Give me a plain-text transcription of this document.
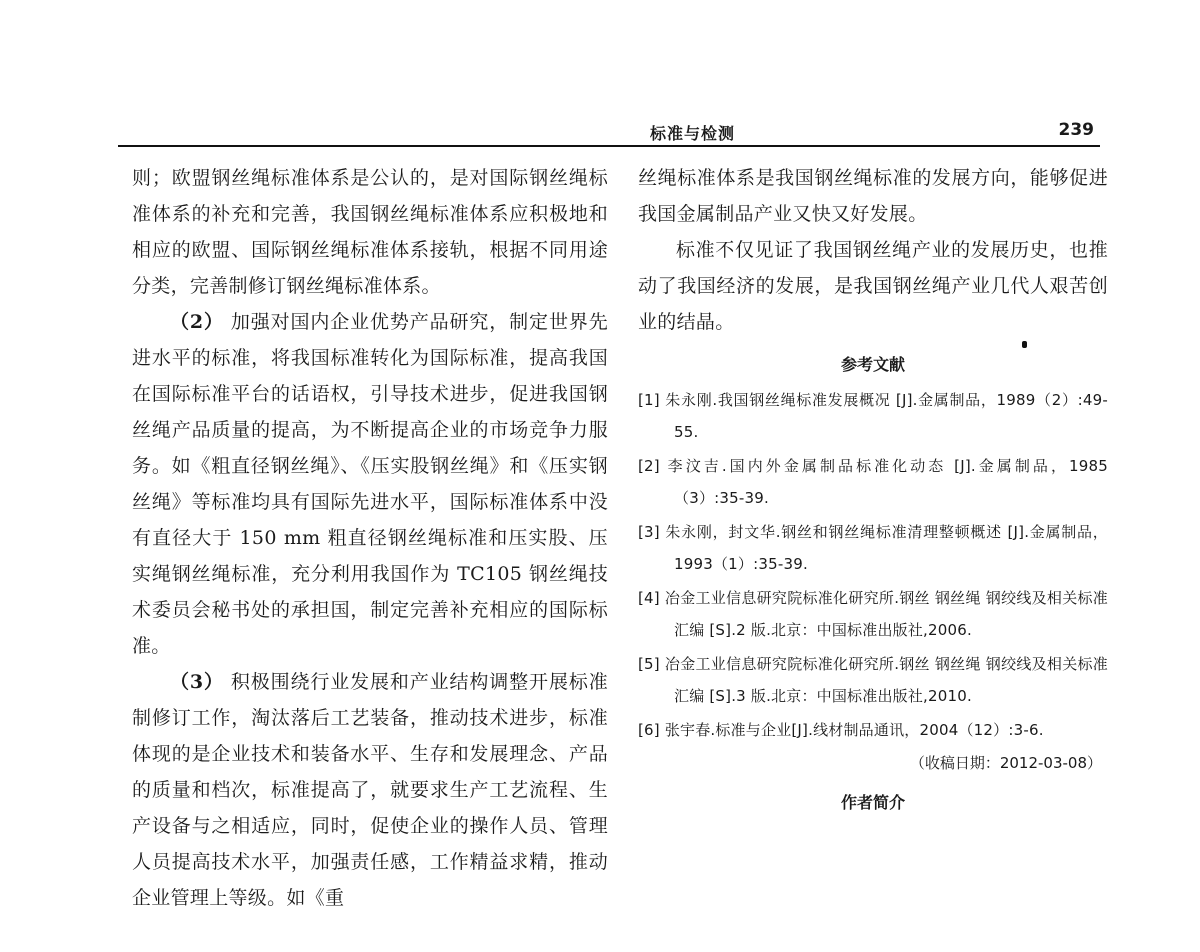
标准与检测	239

则；欧盟钢丝绳标准体系是公认的，是对国际钢丝绳标准体系的补充和完善，我国钢丝绳标准体系应积极地和相应的欧盟、国际钢丝绳标准体系接轨，根据不同用途分类，完善制修订钢丝绳标准体系。

（2） 加强对国内企业优势产品研究，制定世界先进水平的标准，将我国标准转化为国际标准，提高我国在国际标准平台的话语权，引导技术进步，促进我国钢丝绳产品质量的提高，为不断提高企业的市场竞争力服务。如《粗直径钢丝绳》、《压实股钢丝绳》和《压实钢丝绳》等标准均具有国际先进水平，国际标准体系中没有直径大于 150 mm 粗直径钢丝绳标准和压实股、压实绳钢丝绳标准，充分利用我国作为 TC105 钢丝绳技术委员会秘书处的承担国，制定完善补充相应的国际标准。

（3） 积极围绕行业发展和产业结构调整开展标准制修订工作，淘汰落后工艺装备，推动技术进步，标准体现的是企业技术和装备水平、生存和发展理念、产品的质量和档次，标准提高了，就要求生产工艺流程、生产设备与之相适应，同时，促使企业的操作人员、管理人员提高技术水平，加强责任感，工作精益求精，推动企业管理上等级。如《重

丝绳标准体系是我国钢丝绳标准的发展方向，能够促进我国金属制品产业又快又好发展。

标准不仅见证了我国钢丝绳产业的发展历史，也推动了我国经济的发展，是我国钢丝绳产业几代人艰苦创业的结晶。

参考文献

[1] 朱永刚.我国钢丝绳标准发展概况 [J].金属制品，1989（2）:49-55.

[2] 李汶吉.国内外金属制品标准化动态 [J].金属制品，1985（3）:35-39.

[3] 朱永刚，封文华.钢丝和钢丝绳标准清理整顿概述 [J].金属制品，1993（1）:35-39.

[4] 冶金工业信息研究院标准化研究所.钢丝 钢丝绳 钢绞线及相关标准汇编 [S].2 版.北京：中国标准出版社,2006.

[5] 冶金工业信息研究院标准化研究所.钢丝 钢丝绳 钢绞线及相关标准汇编 [S].3 版.北京：中国标准出版社,2010.

[6] 张宇春.标准与企业[J].线材制品通讯，2004（12）:3-6.

（收稿日期：2012-03-08）

作者简介
